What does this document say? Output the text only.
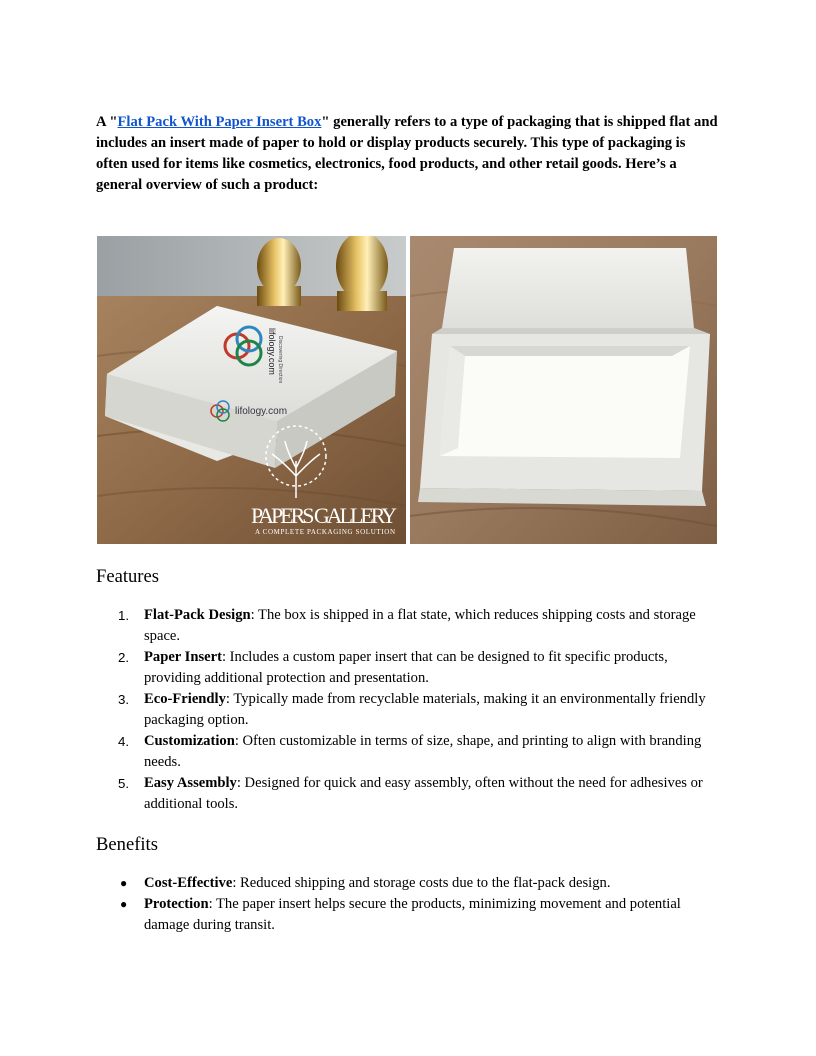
A "Flat Pack With Paper Insert Box" generally refers to a type of packaging that is shipped flat and includes an insert made of paper to hold or display products securely. This type of packaging is often used for items like cosmetics, electronics, food products, and other retail goods. Here’s a general overview of such a product:

lifology.com Discovering Direction
lifology.com
PAPERS GALLERY
A COMPLETE PACKAGING SOLUTION
Features
1. Flat-Pack Design: The box is shipped in a flat state, which reduces shipping costs and storage space.
2. Paper Insert: Includes a custom paper insert that can be designed to fit specific products, providing additional protection and presentation.
3. Eco-Friendly: Typically made from recyclable materials, making it an environmentally friendly packaging option.
4. Customization: Often customizable in terms of size, shape, and printing to align with branding needs.
5. Easy Assembly: Designed for quick and easy assembly, often without the need for adhesives or additional tools.
Benefits
● Cost-Effective: Reduced shipping and storage costs due to the flat-pack design.
● Protection: The paper insert helps secure the products, minimizing movement and potential damage during transit.
